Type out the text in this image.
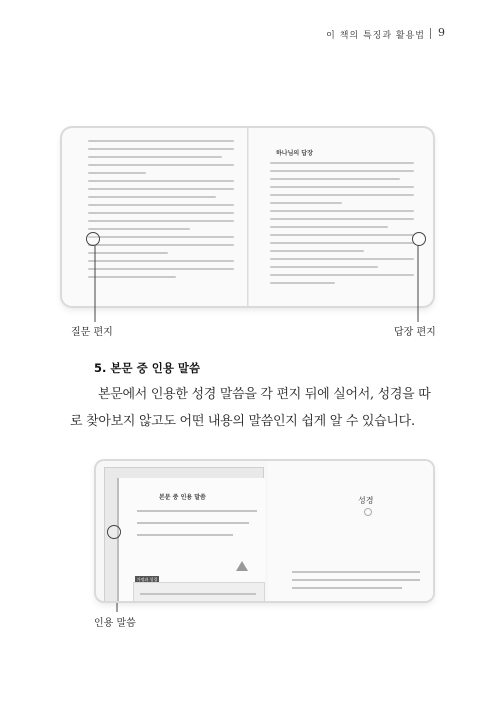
이 책의 특징과 활용법 9
하나님의 답장
질문 편지	답장 편지
5. 본문 중 인용 말씀
본문에서 인용한 성경 말씀을 각 편지 뒤에 실어서, 성경을 따로 찾아보지 않고도 어떤 내용의 말씀인지 쉽게 알 수 있습니다.
본문 중 인용 말씀
가정과 성경
성경
인용 말씀
